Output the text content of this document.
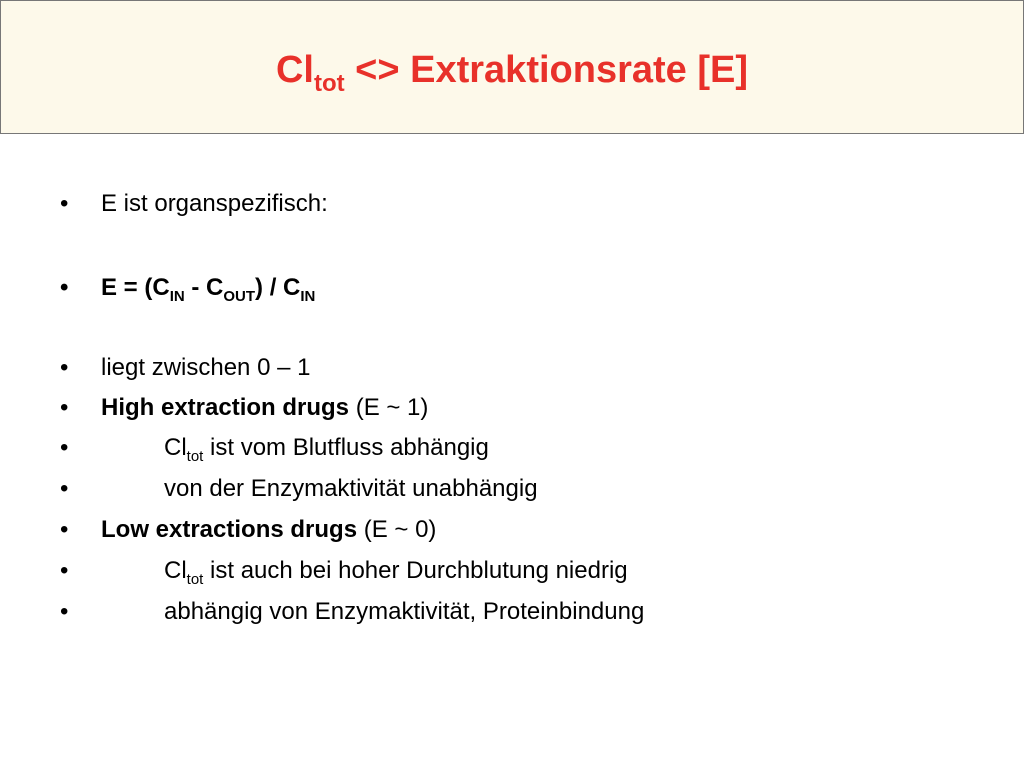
$Cl_{tot}$ <> Extraktionsrate [E]
• E ist organspezifisch:
• $E = (C_{IN} - C_{OUT}) / C_{IN}$
• liegt zwischen 0 – 1
• High extraction drugs (E ~ 1)
•	$Cl_{tot}$ ist vom Blutfluss abhängig
•	von der Enzymaktivität unabhängig
• Low extractions drugs (E ~ 0)
•	$Cl_{tot}$ ist auch bei hoher Durchblutung niedrig
•	abhängig von Enzymaktivität, Proteinbindung
